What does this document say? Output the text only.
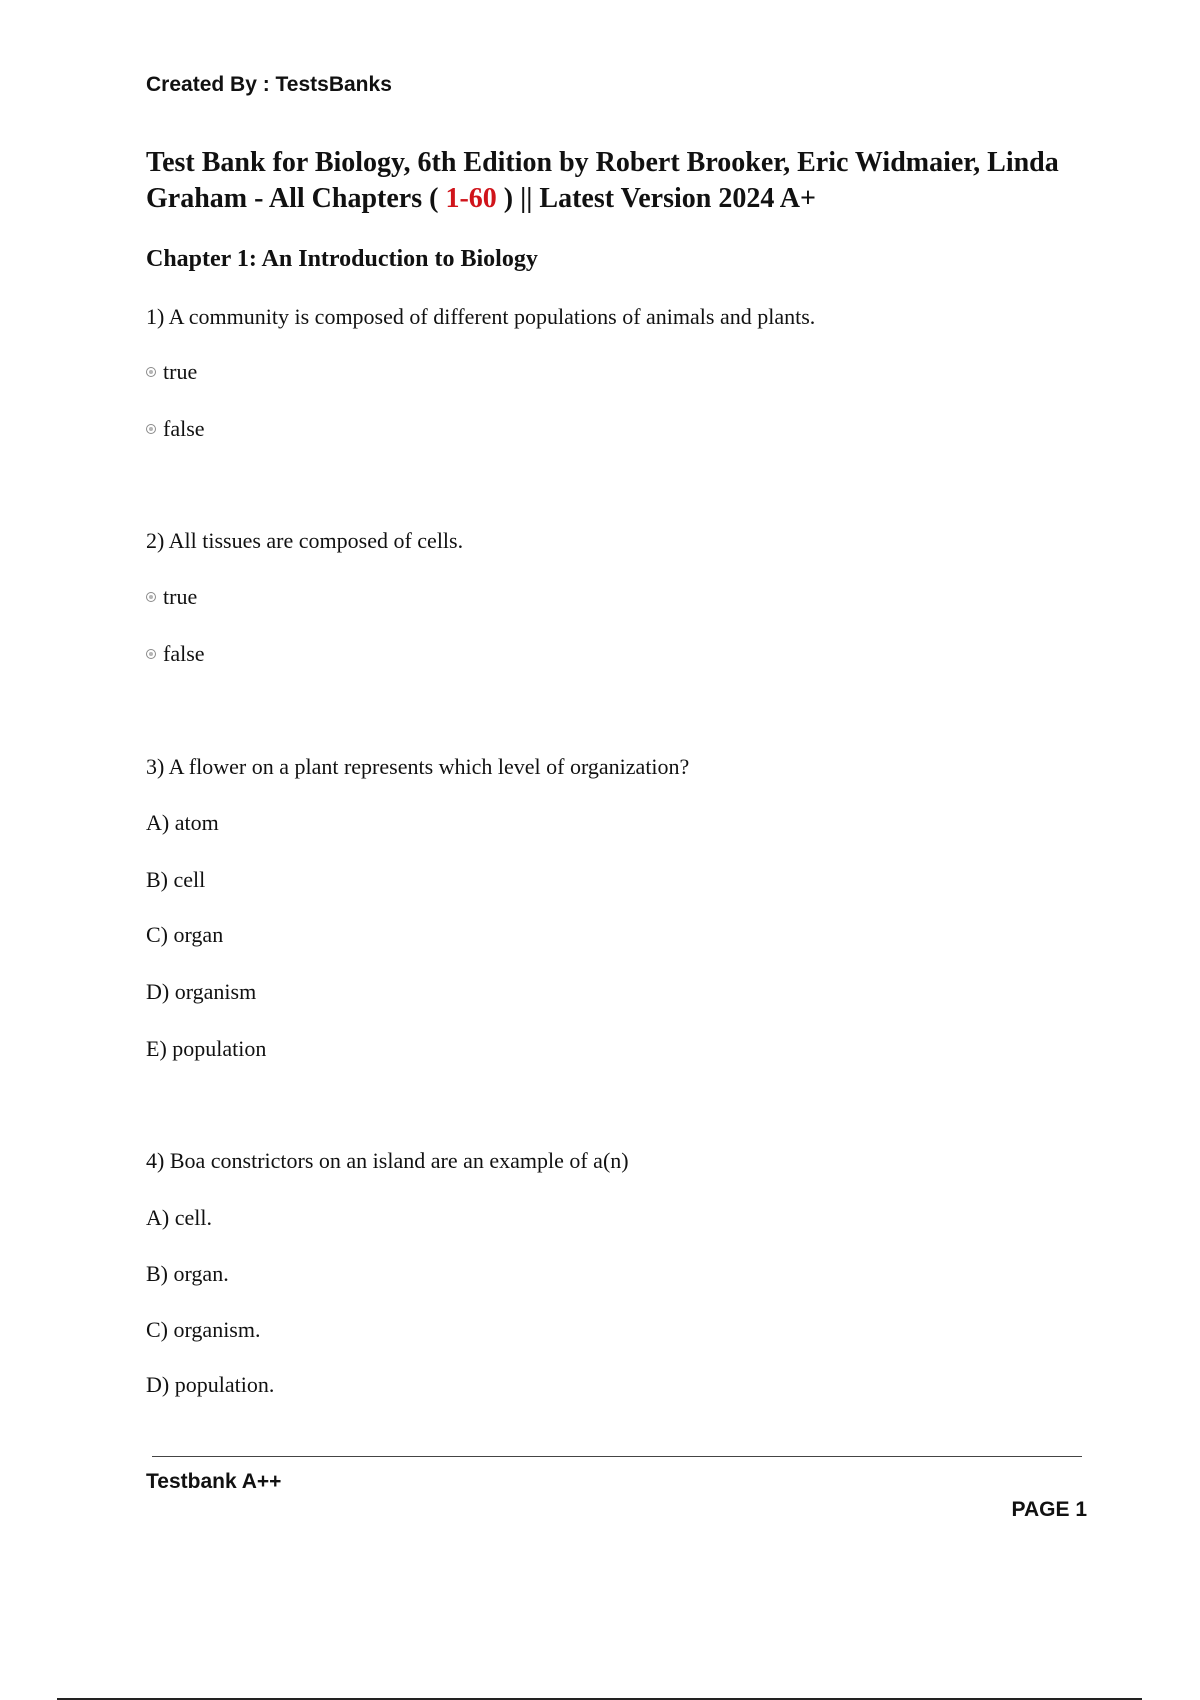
Created By : TestsBanks
Test Bank for Biology, 6th Edition by Robert Brooker, Eric Widmaier, Linda Graham - All Chapters ( 1-60 ) || Latest Version 2024 A+
Chapter 1: An Introduction to Biology
1) A community is composed of different populations of animals and plants.
true
false
2) All tissues are composed of cells.
true
false
3) A flower on a plant represents which level of organization?
A) atom
B) cell
C) organ
D) organism
E) population
4) Boa constrictors on an island are an example of a(n)
A) cell.
B) organ.
C) organism.
D) population.
Testbank A++
PAGE 1
